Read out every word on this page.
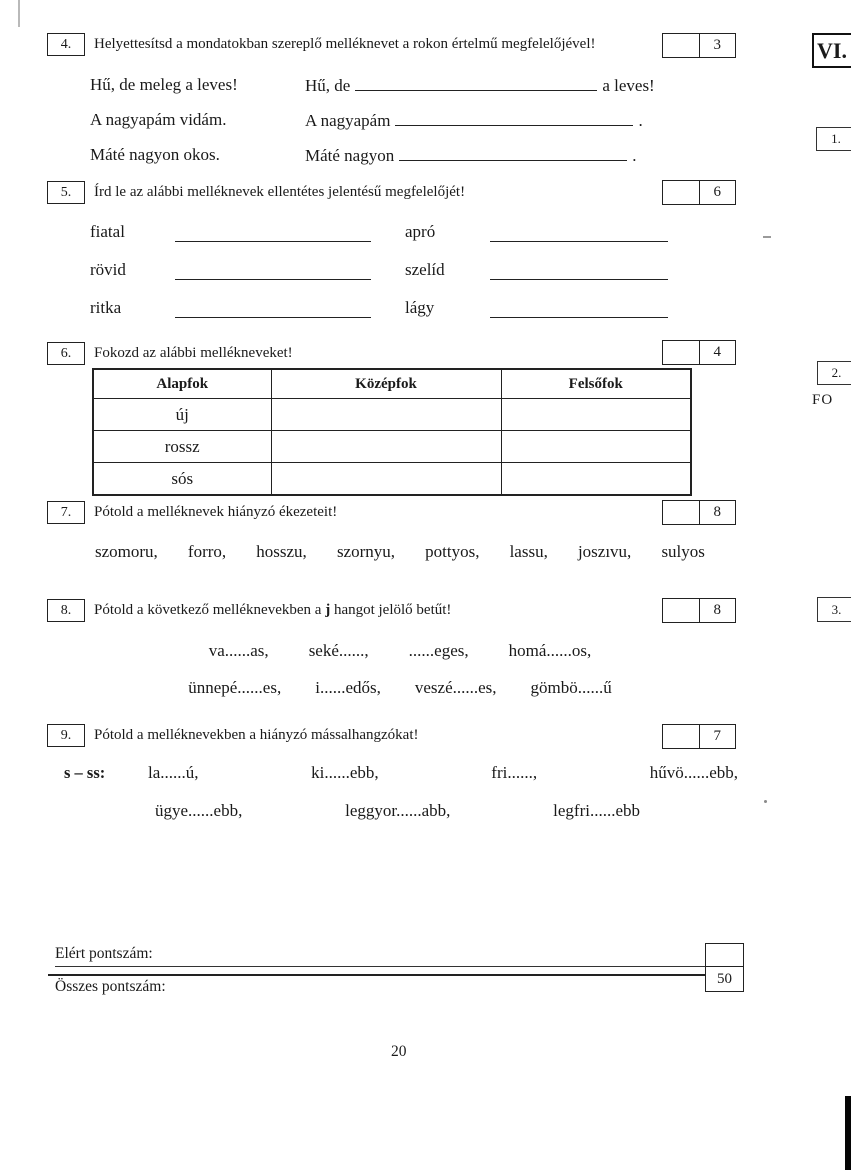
VI.
1.
2.
FO
3.
4. Helyettesítsd a mondatokban szereplő melléknevet a rokon értelmű megfelelőjével!	3
Hű, de meleg a leves!	Hű, de	a leves!
A nagyapám vidám.	A nagyapám	.
Máté nagyon okos.	Máté nagyon	.
5. Írd le az alábbi melléknevek ellentétes jelentésű megfelelőjét!	6
fiatal	apró
rövid	szelíd
ritka	lágy
6. Fokozd az alábbi mellékneveket!	4
Alapfok	Középfok	Felsőfok
új		
rossz		
sós		
7. Pótold a melléknevek hiányzó ékezeteit!	8
szomoru, forro, hosszu, szornyu, pottyos, lassu, joszıvu, sulyos
8. Pótold a következő melléknevekben a j hangot jelölő betűt!	8
va......as, seké......, ......eges, homá......os,
ünnepé......es, i......edős, veszé......es, gömbö......ű
9. Pótold a melléknevekben a hiányzó mássalhangzókat!	7
s – ss:	la......ú,	ki......ebb,	fri......,	hűvö......ebb,
ügye......ebb,	leggyor......abb,	legfri......ebb
Elért pontszám:
Összes pontszám:	50
20
